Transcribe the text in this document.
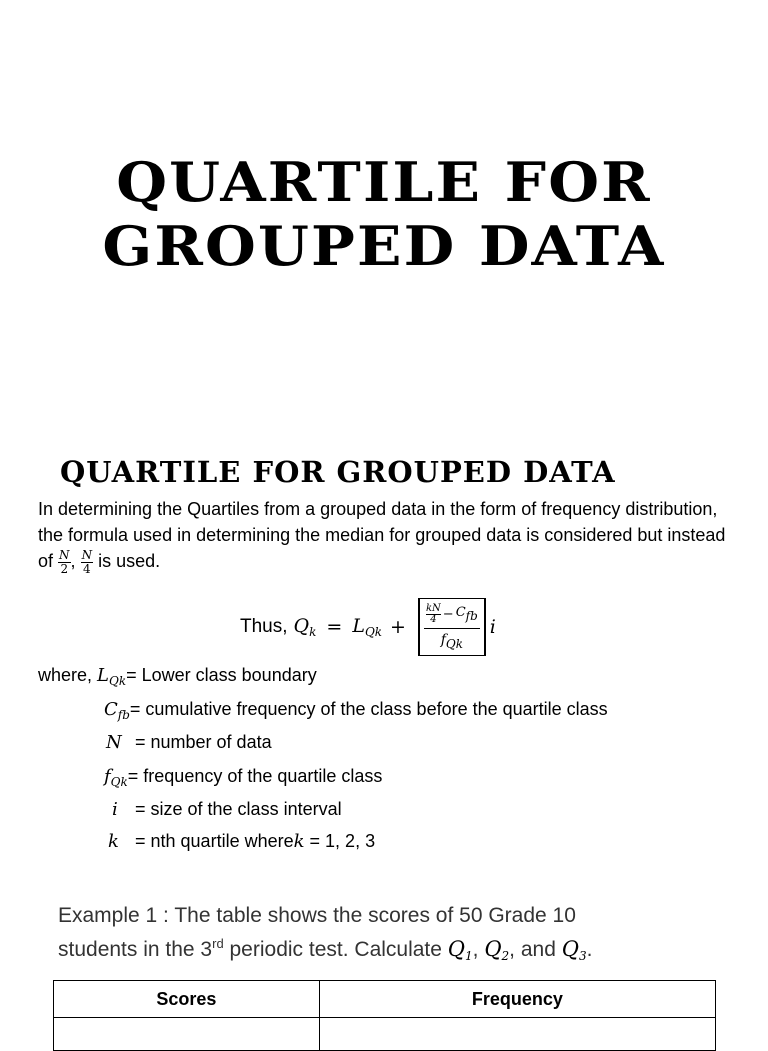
QUARTILE FOR
GROUPED DATA
QUARTILE FOR GROUPED DATA
In determining the Quartiles from a grouped data in the form of frequency distribution, the formula used in determining the median for grouped data is considered but instead of $\frac{N}{2}$ , $\frac{N}{4}$ is used.
Thus, $Q_k = L_{Qk}$ +
kN
4 − Cfb
fQk
i
where, $L_{Qk}=$ Lower class boundary
$C_{fb}=$ cumulative frequency of the class before the quartile class
N = number of data
$f_{Qk}=$ frequency of the quartile class
i = size of the class interval
k = nth quartile wherek = 1, 2, 3
Example 1 : The table shows the scores of 50 Grade 10
students in the 3rd periodic test. Calculate $Q_1$, $Q_2$, and $Q_3$.
Scores	Frequency
